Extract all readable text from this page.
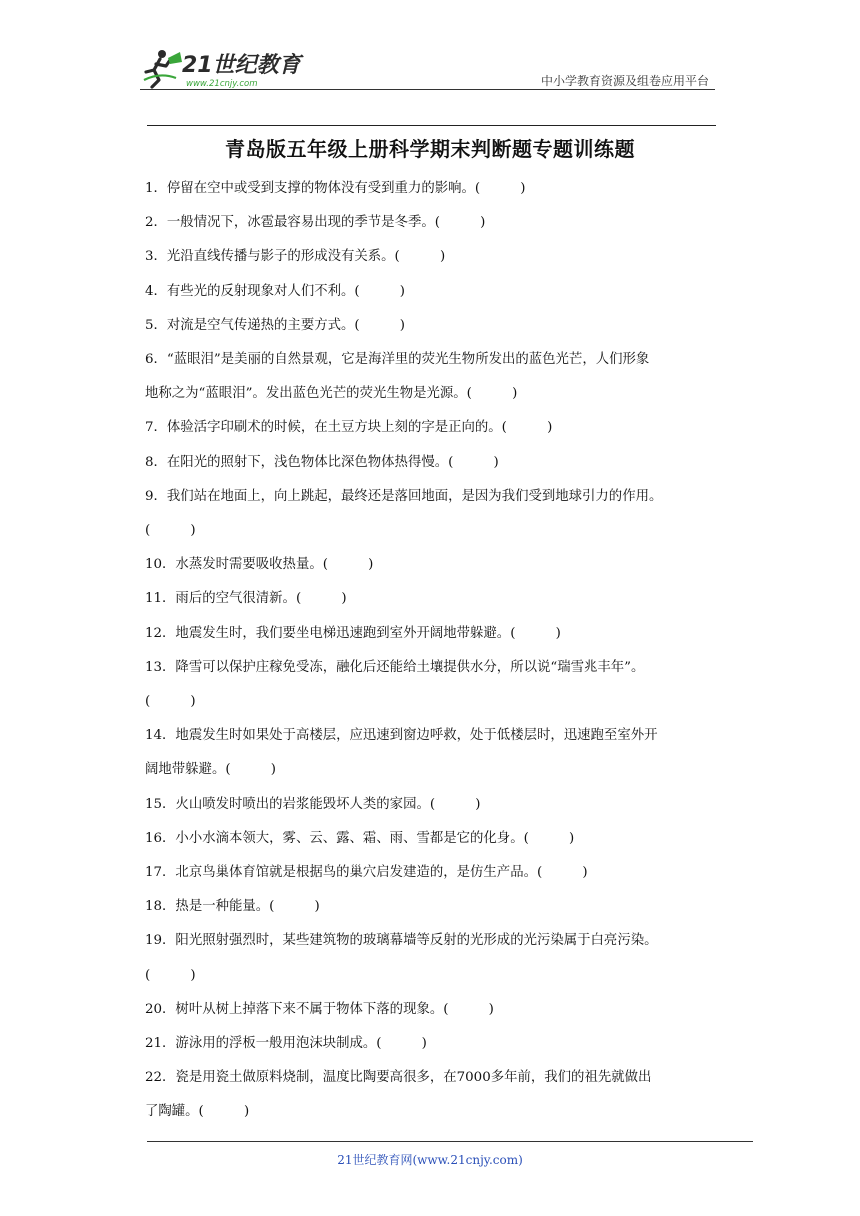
21世纪教育
www.21cnjy.com	中小学教育资源及组卷应用平台
青岛版五年级上册科学期末判断题专题训练题
1．停留在空中或受到支撑的物体没有受到重力的影响。(　　　)
2．一般情况下，冰雹最容易出现的季节是冬季。(　　　)
3．光沿直线传播与影子的形成没有关系。(　　　)
4．有些光的反射现象对人们不利。(　　　)
5．对流是空气传递热的主要方式。(　　　)
6．“蓝眼泪”是美丽的自然景观，它是海洋里的荧光生物所发出的蓝色光芒，人们形象
地称之为“蓝眼泪”。发出蓝色光芒的荧光生物是光源。(　　　)
7．体验活字印刷术的时候，在土豆方块上刻的字是正向的。(　　　)
8．在阳光的照射下，浅色物体比深色物体热得慢。(　　　)
9．我们站在地面上，向上跳起，最终还是落回地面，是因为我们受到地球引力的作用。
(　　　)
10．水蒸发时需要吸收热量。(　　　)
11．雨后的空气很清新。(　　　)
12．地震发生时，我们要坐电梯迅速跑到室外开阔地带躲避。(　　　)
13．降雪可以保护庄稼免受冻，融化后还能给土壤提供水分，所以说“瑞雪兆丰年”。
(　　　)
14．地震发生时如果处于高楼层，应迅速到窗边呼救，处于低楼层时，迅速跑至室外开
阔地带躲避。(　　　)
15．火山喷发时喷出的岩浆能毁坏人类的家园。(　　　)
16．小小水滴本领大，雾、云、露、霜、雨、雪都是它的化身。(　　　)
17．北京鸟巢体育馆就是根据鸟的巢穴启发建造的，是仿生产品。(　　　)
18．热是一种能量。(　　　)
19．阳光照射强烈时，某些建筑物的玻璃幕墙等反射的光形成的光污染属于白亮污染。
(　　　)
20．树叶从树上掉落下来不属于物体下落的现象。(　　　)
21．游泳用的浮板一般用泡沫块制成。(　　　)
22．瓷是用瓷土做原料烧制，温度比陶要高很多，在7000多年前，我们的祖先就做出
了陶罐。(　　　)
21世纪教育网(www.21cnjy.com)
